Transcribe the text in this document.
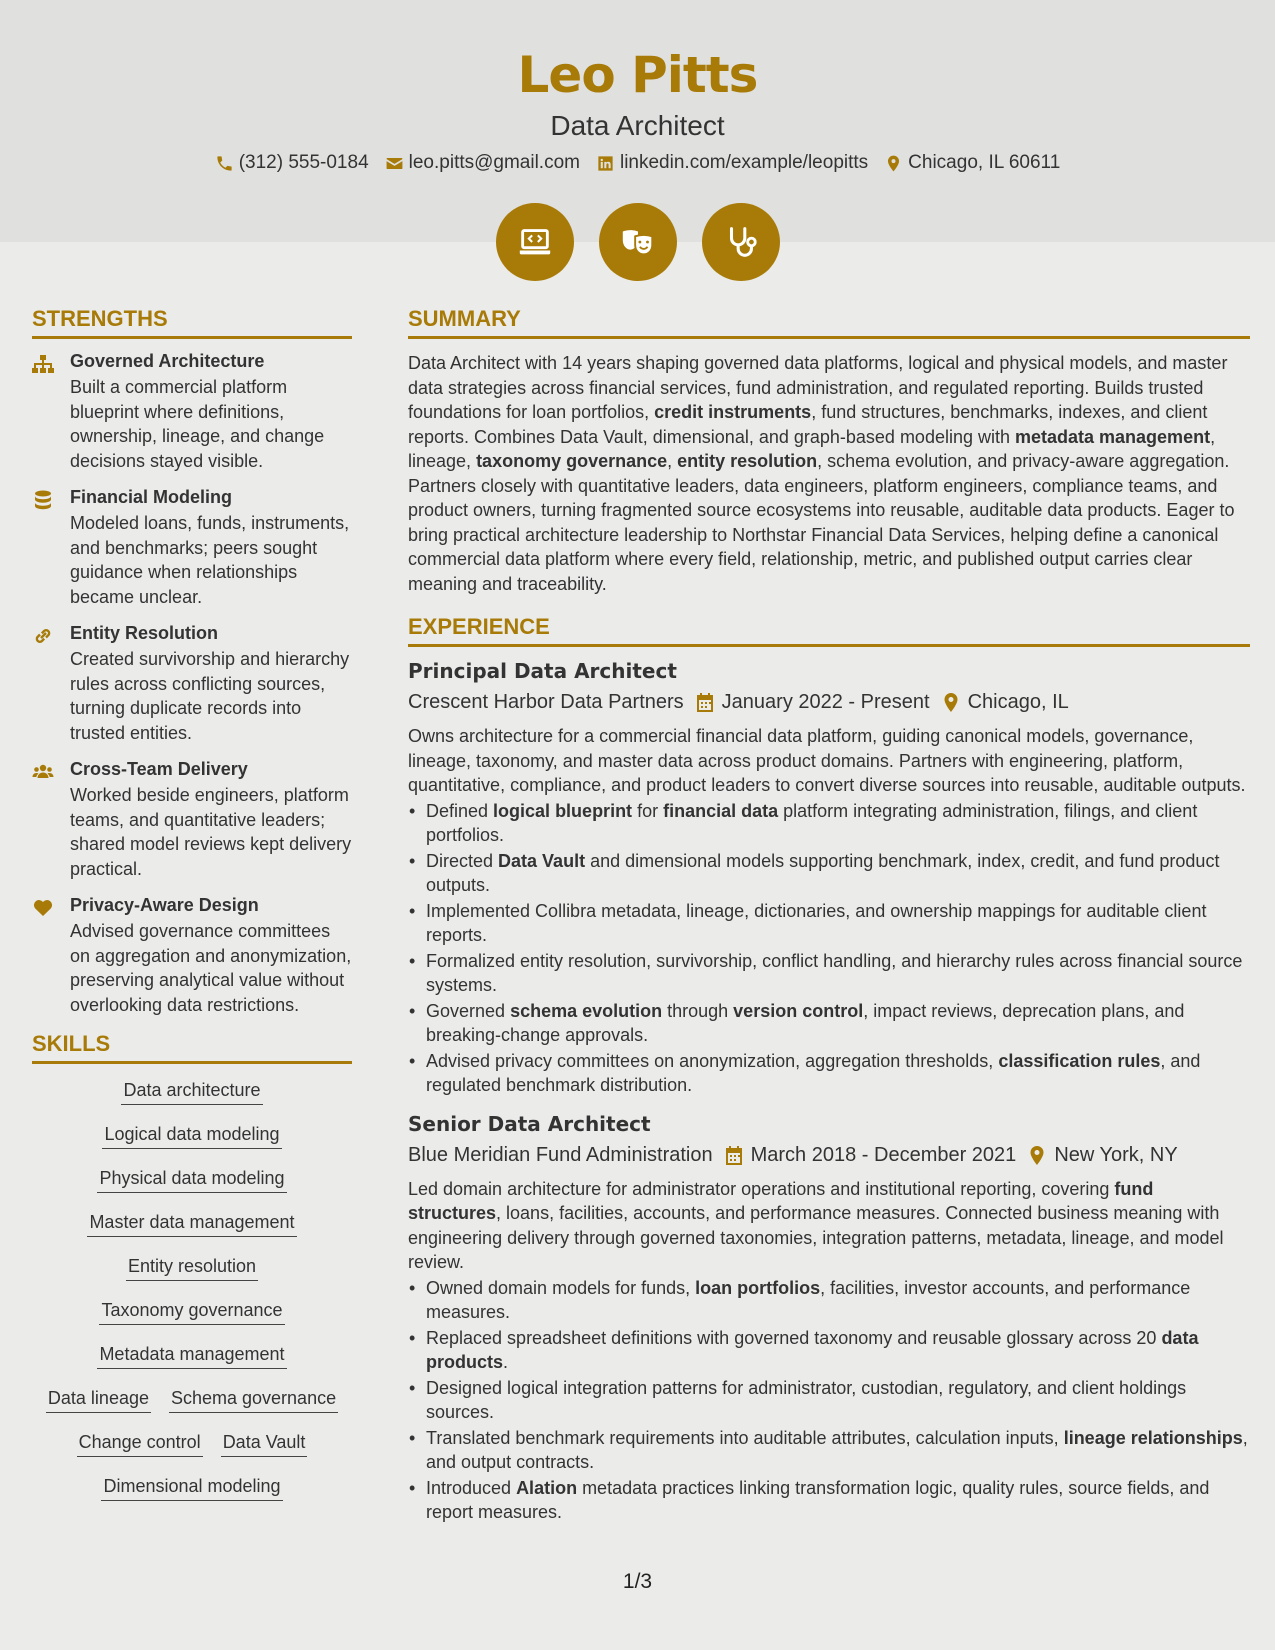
Leo Pitts
Data Architect
(312) 555-0184 leo.pitts@gmail.com linkedin.com/example/leopitts Chicago, IL 60611
STRENGTHS
Governed Architecture

Built a commercial platform blueprint where definitions, ownership, lineage, and change decisions stayed visible.

Financial Modeling

Modeled loans, funds, instruments, and benchmarks; peers sought guidance when relationships became unclear.

Entity Resolution

Created survivorship and hierarchy rules across conflicting sources, turning duplicate records into trusted entities.

Cross-Team Delivery

Worked beside engineers, platform teams, and quantitative leaders; shared model reviews kept delivery practical.

Privacy-Aware Design

Advised governance committees on aggregation and anonymization, preserving analytical value without overlooking data restrictions.

SKILLS
Data architecture
Logical data modeling
Physical data modeling
Master data management
Entity resolution
Taxonomy governance
Metadata management
Data lineage Schema governance
Change control Data Vault
Dimensional modeling
SUMMARY

Data Architect with 14 years shaping governed data platforms, logical and physical models, and master data strategies across financial services, fund administration, and regulated reporting. Builds trusted foundations for loan portfolios, credit instruments, fund structures, benchmarks, indexes, and client reports. Combines Data Vault, dimensional, and graph-based modeling with metadata management, lineage, taxonomy governance, entity resolution, schema evolution, and privacy-aware aggregation. Partners closely with quantitative leaders, data engineers, platform engineers, compliance teams, and product owners, turning fragmented source ecosystems into reusable, auditable data products. Eager to bring practical architecture leadership to Northstar Financial Data Services, helping define a canonical commercial data platform where every field, relationship, metric, and published output carries clear meaning and traceability.

EXPERIENCE
Principal Data Architect
Crescent Harbor Data Partners January 2022 - Present Chicago, IL

Owns architecture for a commercial financial data platform, guiding canonical models, governance, lineage, taxonomy, and master data across product domains. Partners with engineering, platform, quantitative, compliance, and product leaders to convert diverse sources into reusable, auditable outputs.

• Defined logical blueprint for financial data platform integrating administration, filings, and client portfolios.
• Directed Data Vault and dimensional models supporting benchmark, index, credit, and fund product outputs.
• Implemented Collibra metadata, lineage, dictionaries, and ownership mappings for auditable client reports.
• Formalized entity resolution, survivorship, conflict handling, and hierarchy rules across financial source systems.
• Governed schema evolution through version control, impact reviews, deprecation plans, and breaking-change approvals.
• Advised privacy committees on anonymization, aggregation thresholds, classification rules, and regulated benchmark distribution.
Senior Data Architect
Blue Meridian Fund Administration March 2018 - December 2021 New York, NY

Led domain architecture for administrator operations and institutional reporting, covering fund structures, loans, facilities, accounts, and performance measures. Connected business meaning with engineering delivery through governed taxonomies, integration patterns, metadata, lineage, and model review.

• Owned domain models for funds, loan portfolios, facilities, investor accounts, and performance measures.
• Replaced spreadsheet definitions with governed taxonomy and reusable glossary across 20 data products.
• Designed logical integration patterns for administrator, custodian, regulatory, and client holdings sources.
• Translated benchmark requirements into auditable attributes, calculation inputs, lineage relationships, and output contracts.
• Introduced Alation metadata practices linking transformation logic, quality rules, source fields, and report measures.
1/3
